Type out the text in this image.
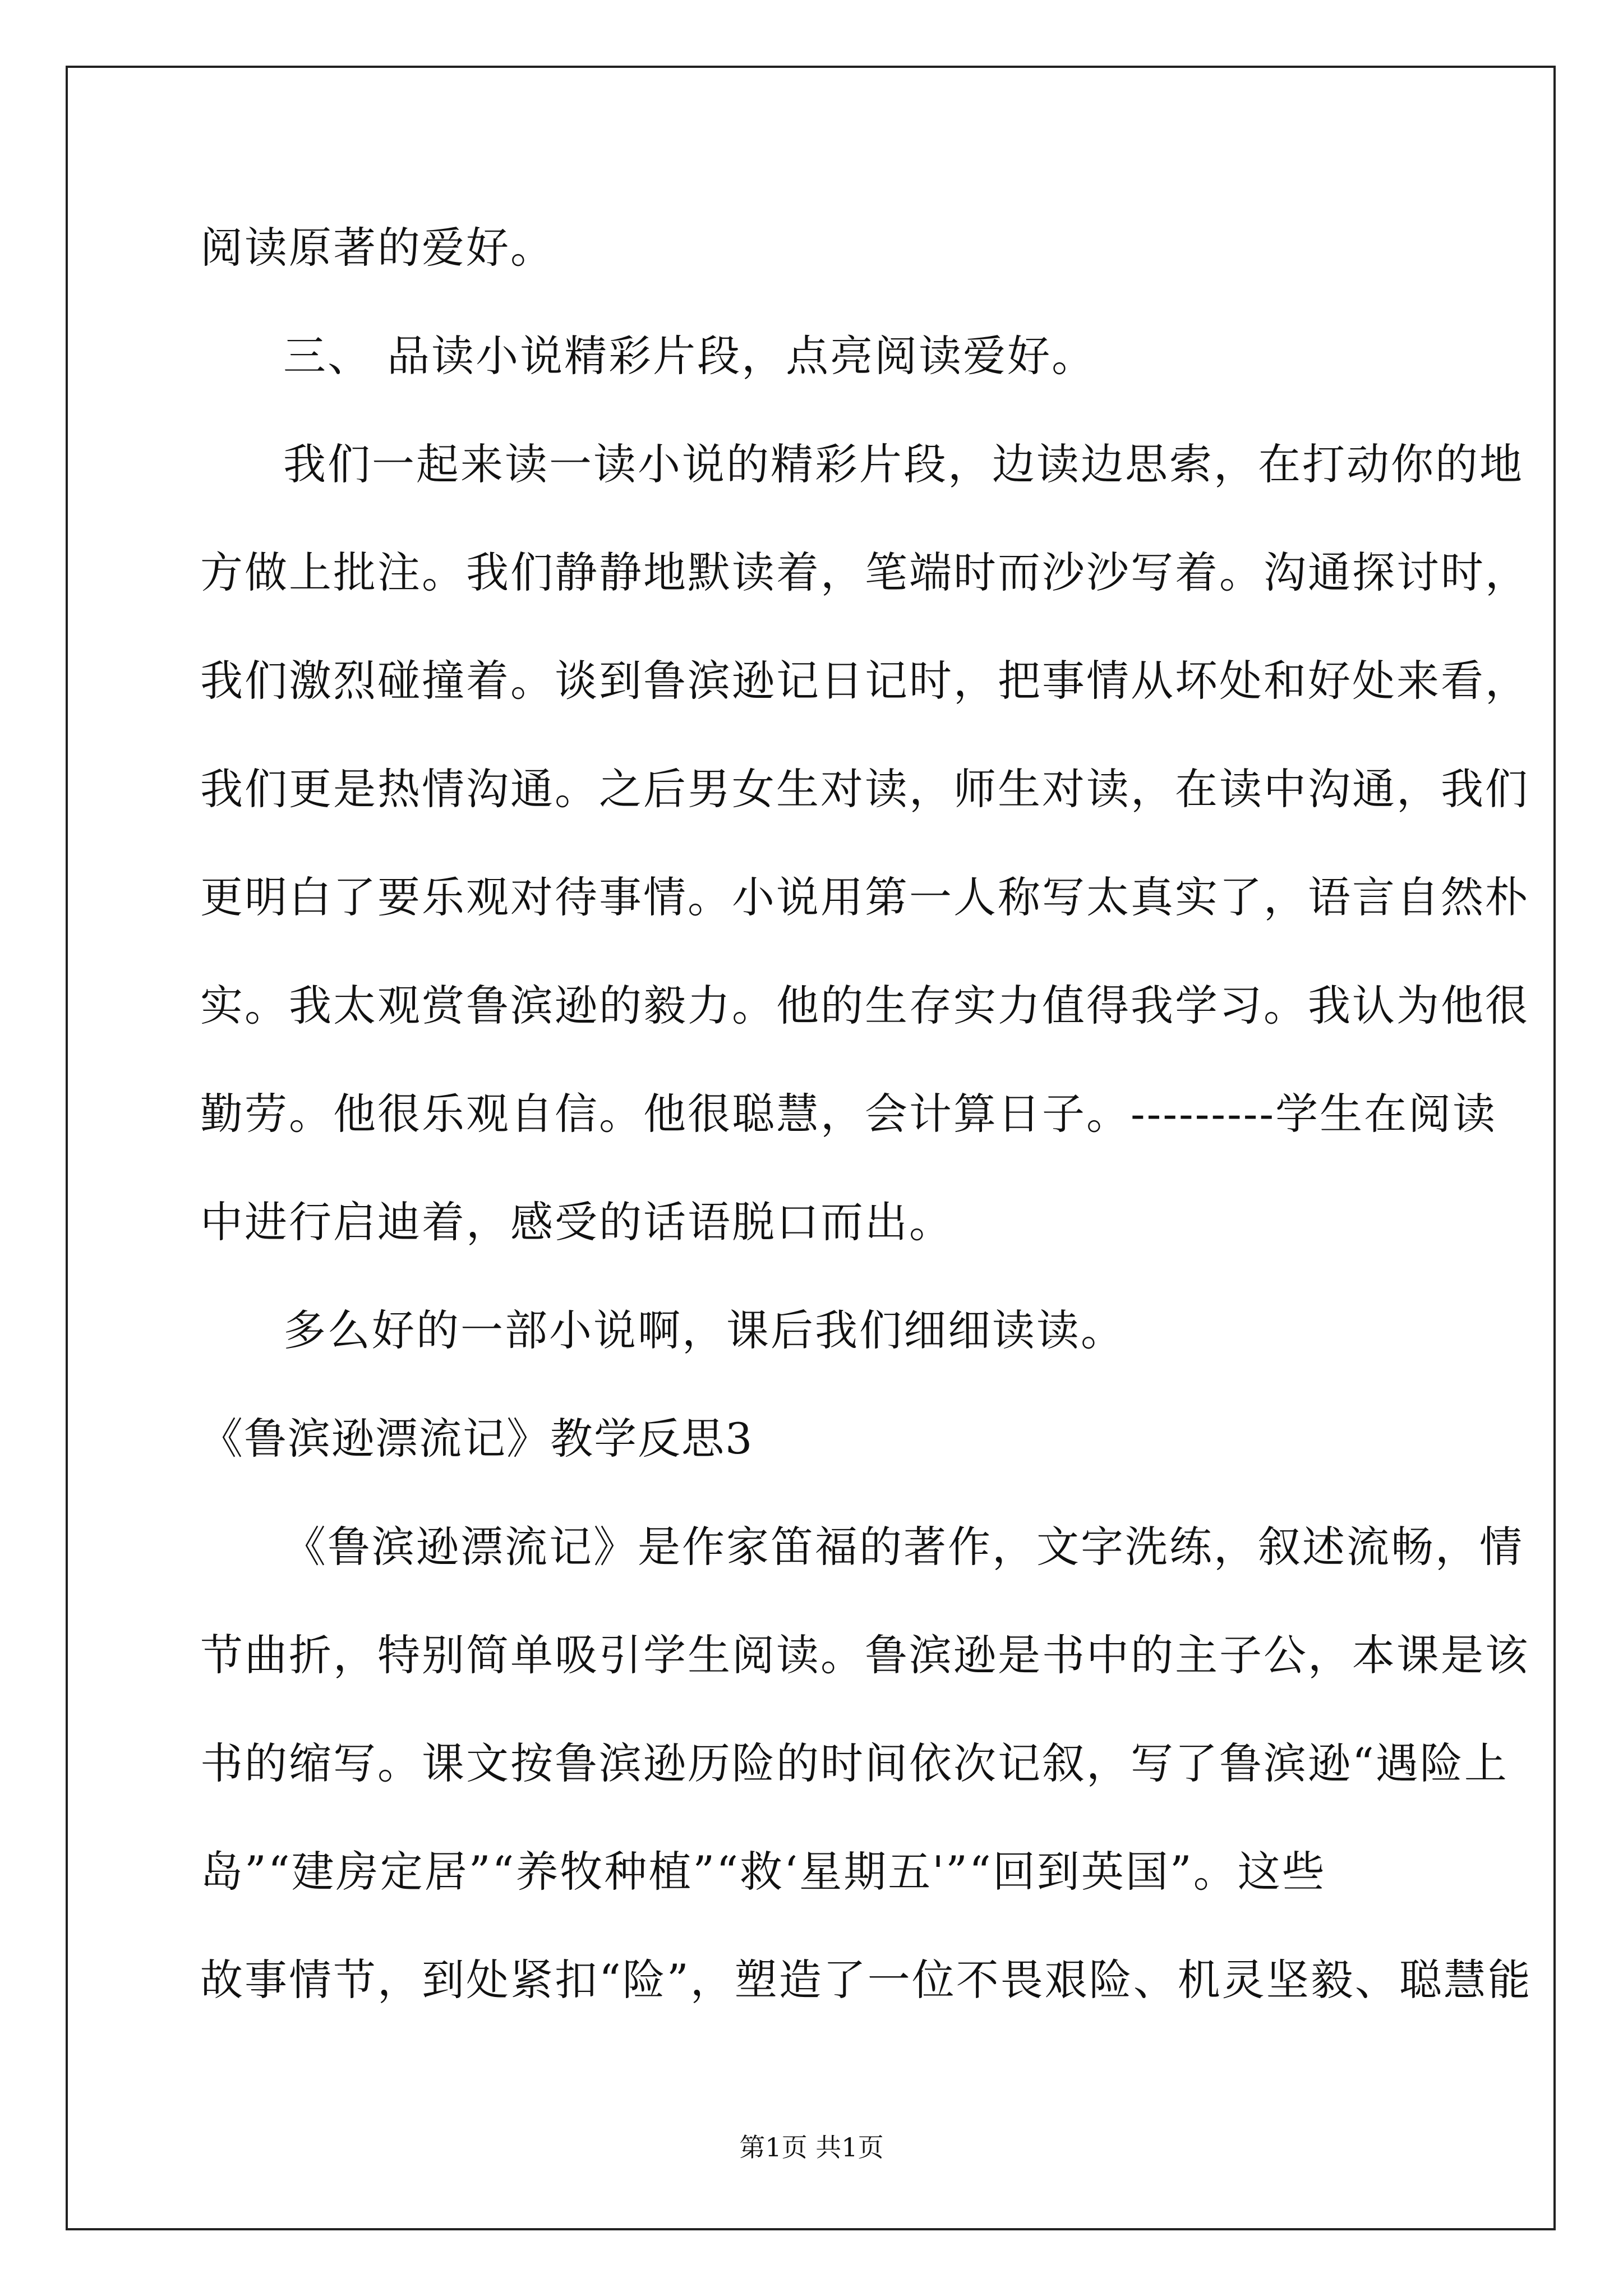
阅读原著的爱好。
三、 品读小说精彩片段，点亮阅读爱好。
我们一起来读一读小说的精彩片段，边读边思索，在打动你的地
方做上批注。我们静静地默读着，笔端时而沙沙写着。沟通探讨时，
我们激烈碰撞着。谈到鲁滨逊记日记时，把事情从坏处和好处来看，
我们更是热情沟通。之后男女生对读，师生对读，在读中沟通，我们
更明白了要乐观对待事情。小说用第一人称写太真实了，语言自然朴
实。我太观赏鲁滨逊的毅力。他的生存实力值得我学习。我认为他很
勤劳。他很乐观自信。他很聪慧，会计算日子。---------学生在阅读
中进行启迪着，感受的话语脱口而出。
多么好的一部小说啊，课后我们细细读读。
《鲁滨逊漂流记》教学反思3
《鲁滨逊漂流记》是作家笛福的著作，文字洗练，叙述流畅，情
节曲折，特别简单吸引学生阅读。鲁滨逊是书中的主子公，本课是该
书的缩写。课文按鲁滨逊历险的时间依次记叙，写了鲁滨逊“遇险上
岛”“建房定居”“养牧种植”“救‘星期五'”“回到英国”。这些
故事情节，到处紧扣“险”，塑造了一位不畏艰险、机灵坚毅、聪慧能
第1页 共1页
